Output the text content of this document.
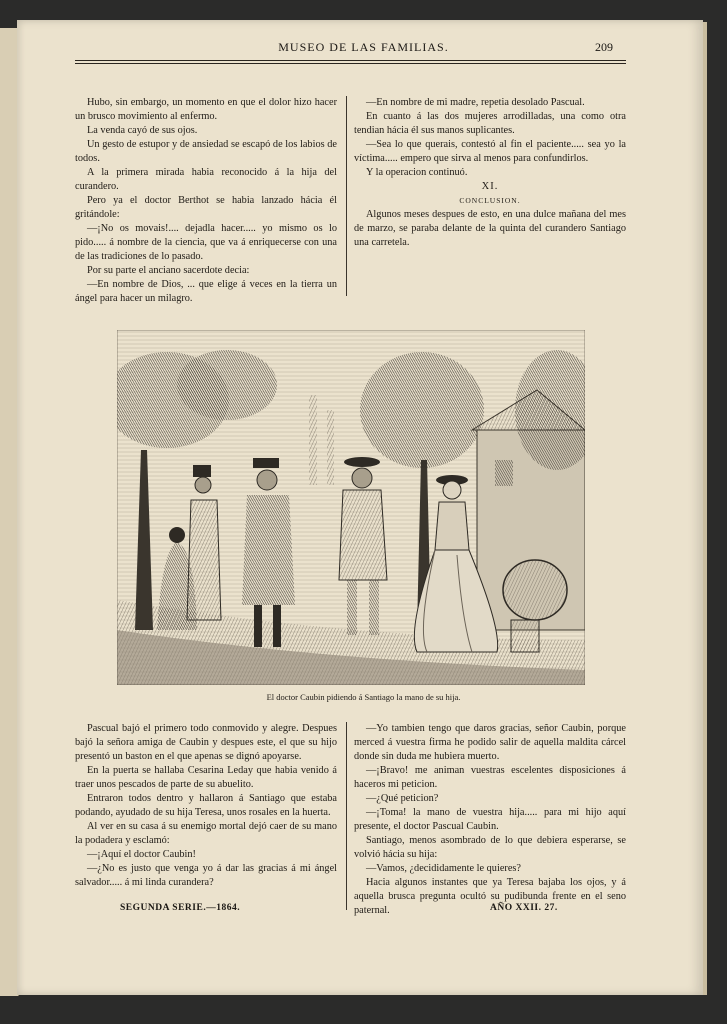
MUSEO DE LAS FAMILIAS.	209

Hubo, sin embargo, un momento en que el dolor hizo hacer un brusco movimiento al enfermo.

La venda cayó de sus ojos.

Un gesto de estupor y de ansiedad se escapó de los labios de todos.

A la primera mirada habia reconocido á la hija del curandero.

Pero ya el doctor Berthot se habia lanzado hácia él gritándole:

—¡No os movais!.... dejadla hacer..... yo mismo os lo pido..... á nombre de la ciencia, que va á enriquecerse con una de las tradiciones de lo pasado.

Por su parte el anciano sacerdote decia:

—En nombre de Dios, ... que elige á veces en la tierra un ángel para hacer un milagro.

—En nombre de mi madre, repetia desolado Pascual.

En cuanto á las dos mujeres arrodilladas, una como otra tendian hácia él sus manos suplicantes.

—Sea lo que querais, contestó al fin el paciente..... sea yo la víctima..... empero que sirva al menos para confundirlos.

Y la operacion continuó.

XI.

CONCLUSION.

Algunos meses despues de esto, en una dulce mañana del mes de marzo, se paraba delante de la quinta del curandero Santiago una carretela.

El doctor Caubin pidiendo á Santiago la mano de su hija.

Pascual bajó el primero todo conmovido y alegre. Despues bajó la señora amiga de Caubin y despues este, el que su hijo presentó un baston en el que apenas se dignó apoyarse.

En la puerta se hallaba Cesarina Leday que habia venido á traer unos pescados de parte de su abuelito.

Entraron todos dentro y hallaron á Santiago que estaba podando, ayudado de su hija Teresa, unos rosales en la huerta.

Al ver en su casa á su enemigo mortal dejó caer de su mano la podadera y esclamó:

—¡Aquí el doctor Caubin!

—¿No es justo que venga yo á dar las gracias á mi ángel salvador..... á mi linda curandera?

—Yo tambien tengo que daros gracias, señor Caubin, porque merced á vuestra firma he podido salir de aquella maldita cárcel donde sin duda me hubiera muerto.

—¡Bravo! me animan vuestras escelentes disposiciones á haceros mi peticion.

—¿Qué peticion?

—¡Toma! la mano de vuestra hija..... para mi hijo aquí presente, el doctor Pascual Caubin.

Santiago, menos asombrado de lo que debiera esperarse, se volvió hácia su hija:

—Vamos, ¿decididamente le quieres?

Hacia algunos instantes que ya Teresa bajaba los ojos, y á aquella brusca pregunta ocultó su pudibunda frente en el seno paternal.

SEGUNDA SERIE.—1864.	AÑO XXII. 27.
